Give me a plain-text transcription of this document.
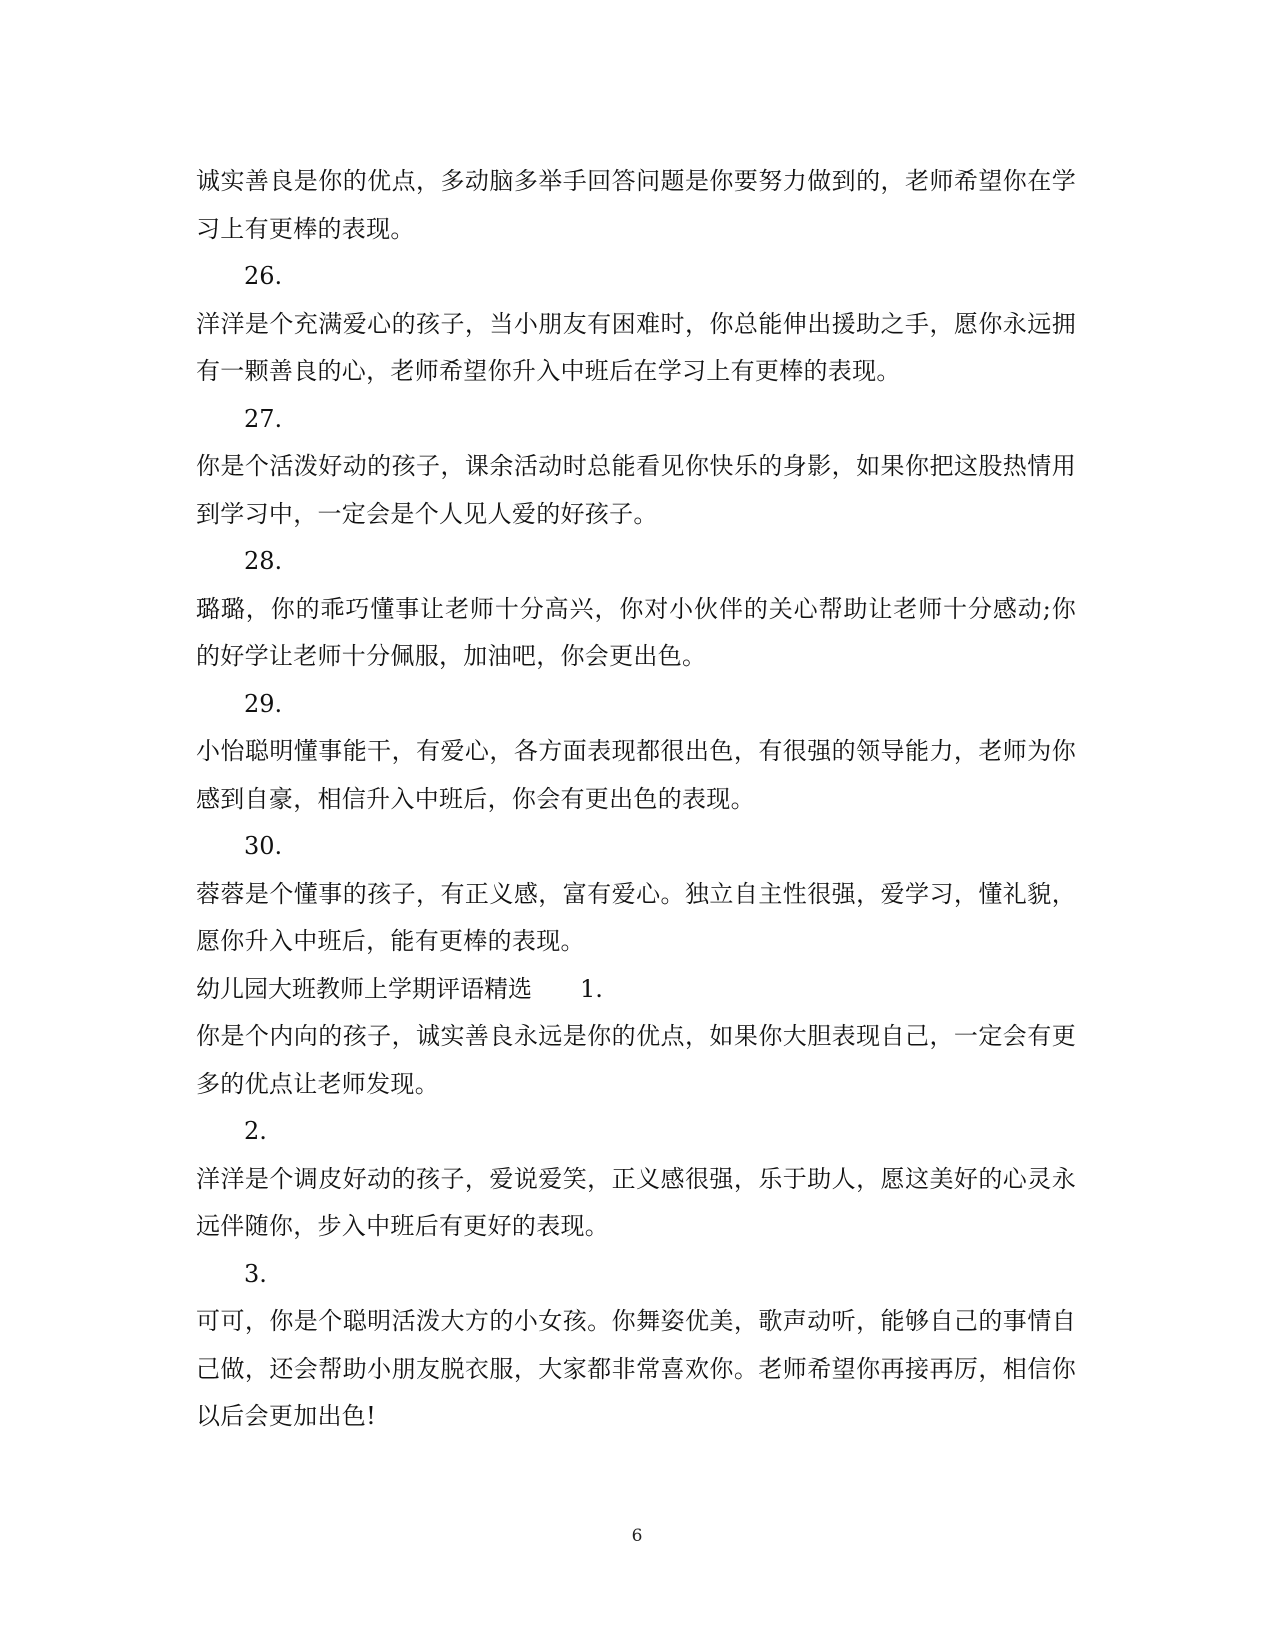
诚实善良是你的优点，多动脑多举手回答问题是你要努力做到的，老师希望你在学习上有更棒的表现。

26.

洋洋是个充满爱心的孩子，当小朋友有困难时，你总能伸出援助之手，愿你永远拥有一颗善良的心，老师希望你升入中班后在学习上有更棒的表现。

27.

你是个活泼好动的孩子，课余活动时总能看见你快乐的身影，如果你把这股热情用到学习中，一定会是个人见人爱的好孩子。

28.

璐璐，你的乖巧懂事让老师十分高兴，你对小伙伴的关心帮助让老师十分感动;你的好学让老师十分佩服，加油吧，你会更出色。

29.

小怡聪明懂事能干，有爱心，各方面表现都很出色，有很强的领导能力，老师为你感到自豪，相信升入中班后，你会有更出色的表现。

30.

蓉蓉是个懂事的孩子，有正义感，富有爱心。独立自主性很强，爱学习，懂礼貌，愿你升入中班后，能有更棒的表现。

幼儿园大班教师上学期评语精选 1.

你是个内向的孩子，诚实善良永远是你的优点，如果你大胆表现自己，一定会有更多的优点让老师发现。

2.

洋洋是个调皮好动的孩子，爱说爱笑，正义感很强，乐于助人，愿这美好的心灵永远伴随你，步入中班后有更好的表现。

3.

可可，你是个聪明活泼大方的小女孩。你舞姿优美，歌声动听，能够自己的事情自己做，还会帮助小朋友脱衣服，大家都非常喜欢你。老师希望你再接再厉，相信你以后会更加出色!

6
